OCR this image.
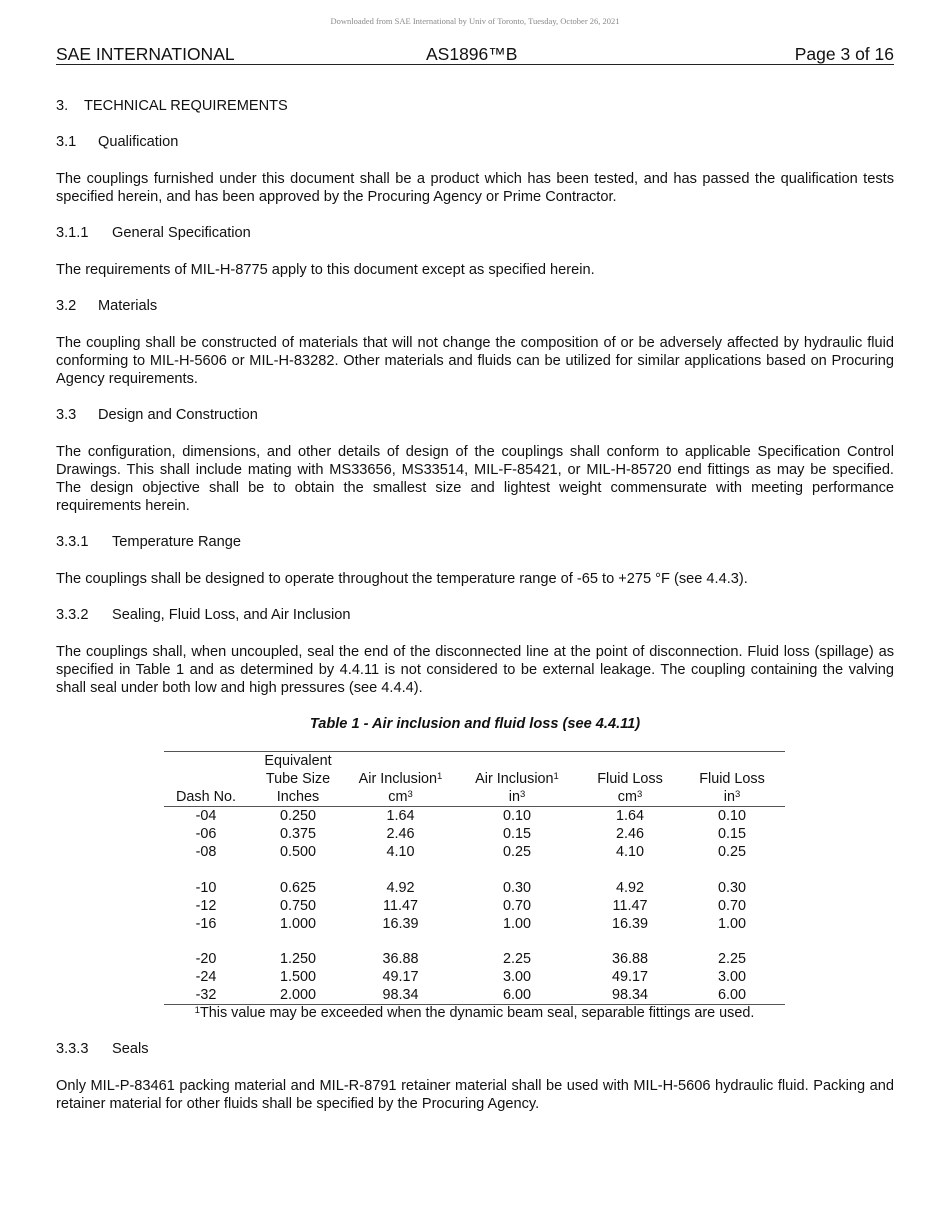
Downloaded from SAE International by Univ of Toronto, Tuesday, October 26, 2021
SAE INTERNATIONAL	AS1896™B	Page 3 of 16
3. TECHNICAL REQUIREMENTS
3.1 Qualification
The couplings furnished under this document shall be a product which has been tested, and has passed the qualification tests specified herein, and has been approved by the Procuring Agency or Prime Contractor.
3.1.1 General Specification
The requirements of MIL-H-8775 apply to this document except as specified herein.
3.2 Materials
The coupling shall be constructed of materials that will not change the composition of or be adversely affected by hydraulic fluid conforming to MIL-H-5606 or MIL-H-83282. Other materials and fluids can be utilized for similar applications based on Procuring Agency requirements.
3.3 Design and Construction
The configuration, dimensions, and other details of design of the couplings shall conform to applicable Specification Control Drawings. This shall include mating with MS33656, MS33514, MIL-F-85421, or MIL-H-85720 end fittings as may be specified. The design objective shall be to obtain the smallest size and lightest weight commensurate with meeting performance requirements herein.
3.3.1 Temperature Range
The couplings shall be designed to operate throughout the temperature range of -65 to +275 °F (see 4.4.3).
3.3.2 Sealing, Fluid Loss, and Air Inclusion
The couplings shall, when uncoupled, seal the end of the disconnected line at the point of disconnection. Fluid loss (spillage) as specified in Table 1 and as determined by 4.4.11 is not considered to be external leakage. The coupling containing the valving shall seal under both low and high pressures (see 4.4.4).
Table 1 - Air inclusion and fluid loss (see 4.4.11)

	Equivalent				
	Tube Size	Air Inclusion$^1$	Air Inclusion$^1$	Fluid Loss	Fluid Loss
Dash No.	Inches	$cm^3$	$in^3$	$cm^3$	$in^3$
-04	0.250	1.64	0.10	1.64	0.10
-06	0.375	2.46	0.15	2.46	0.15
-08	0.500	4.10	0.25	4.10	0.25

-10	0.625	4.92	0.30	4.92	0.30
-12	0.750	11.47	0.70	11.47	0.70
-16	1.000	16.39	1.00	16.39	1.00

-20	1.250	36.88	2.25	36.88	2.25
-24	1.500	49.17	3.00	49.17	3.00
-32	2.000	98.34	6.00	98.34	6.00
$^1$This value may be exceeded when the dynamic beam seal, separable fittings are used.
3.3.3 Seals
Only MIL-P-83461 packing material and MIL-R-8791 retainer material shall be used with MIL-H-5606 hydraulic fluid. Packing and retainer material for other fluids shall be specified by the Procuring Agency.
